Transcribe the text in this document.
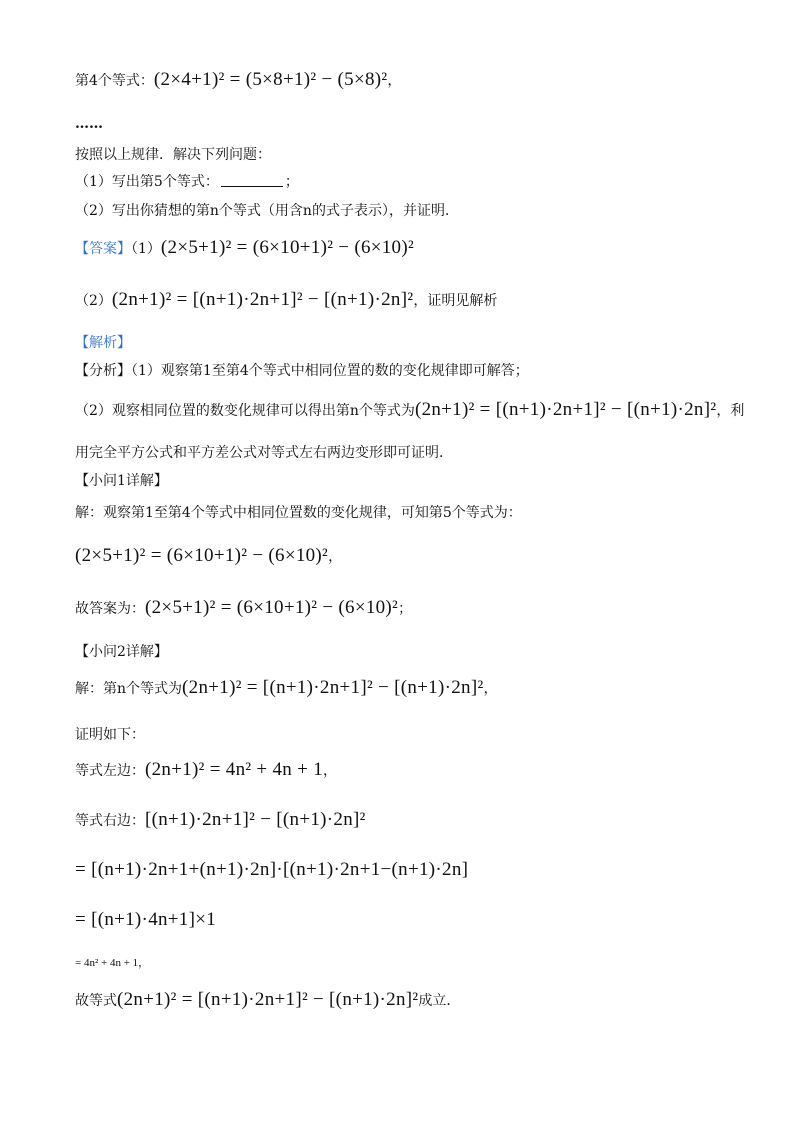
第4个等式：(2×4+1)² = (5×8+1)² − (5×8)²，
……
按照以上规律．解决下列问题：
（1）写出第5个等式：	；
（2）写出你猜想的第n个等式（用含n的式子表示），并证明．
【答案】（1）(2×5+1)² = (6×10+1)² − (6×10)²
（2）(2n+1)² = [(n+1)·2n+1]² − [(n+1)·2n]²，证明见解析
【解析】
【分析】（1）观察第1至第4个等式中相同位置的数的变化规律即可解答；
（2）观察相同位置的数变化规律可以得出第n个等式为(2n+1)² = [(n+1)·2n+1]² − [(n+1)·2n]²，利
用完全平方公式和平方差公式对等式左右两边变形即可证明．
【小问1详解】
解：观察第1至第4个等式中相同位置数的变化规律，可知第5个等式为：
(2×5+1)² = (6×10+1)² − (6×10)²，
故答案为：(2×5+1)² = (6×10+1)² − (6×10)²；
【小问2详解】
解：第n个等式为(2n+1)² = [(n+1)·2n+1]² − [(n+1)·2n]²，
证明如下：
等式左边：(2n+1)² = 4n² + 4n + 1，
等式右边：[(n+1)·2n+1]² − [(n+1)·2n]²
= [(n+1)·2n+1+(n+1)·2n]·[(n+1)·2n+1−(n+1)·2n]
= [(n+1)·4n+1]×1
= 4n² + 4n + 1，
故等式(2n+1)² = [(n+1)·2n+1]² − [(n+1)·2n]²成立．
